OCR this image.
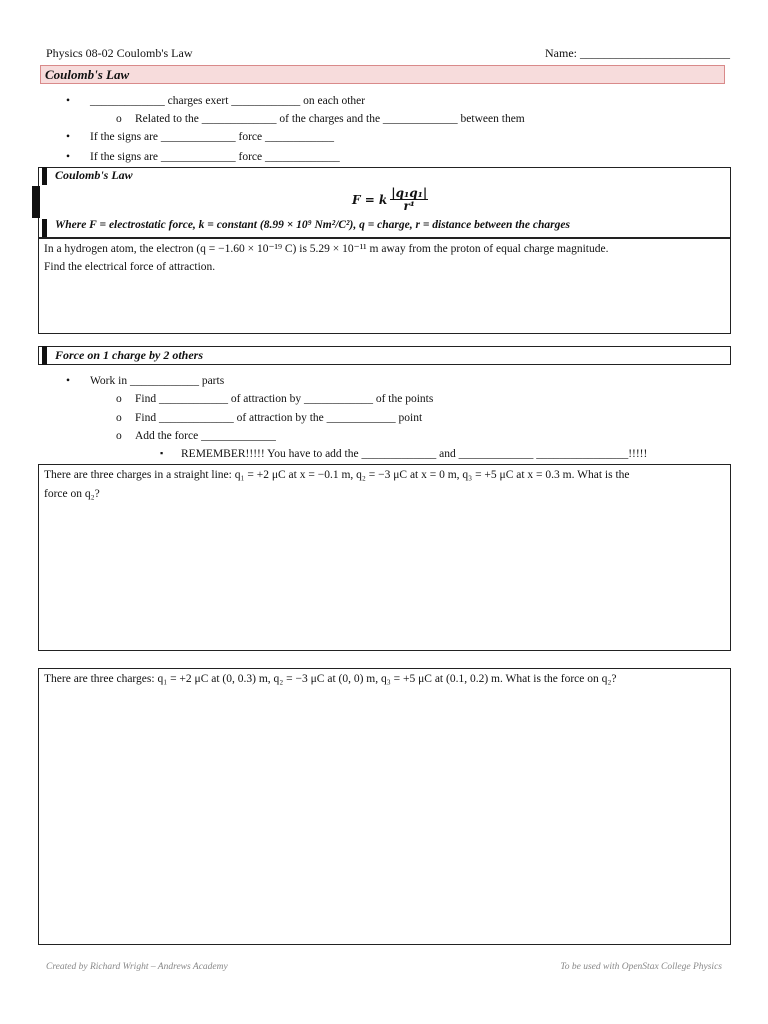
Physics 08-02 Coulomb's Law	Name: _________________________
Coulomb's Law
• _____________ charges exert ____________ on each other
o Related to the _____________ of the charges and the _____________ between them
• If the signs are _____________ force ____________
• If the signs are _____________ force _____________
Coulomb's Law
F = k $\frac{\text{|q₁q₁|}}{\text{r¹}}$
Where F = electrostatic force, k = constant (8.99 × 10⁹ Nm²/C²), q = charge, r = distance between the charges
In a hydrogen atom, the electron (q = −1.60 × 10⁻¹⁹ C) is 5.29 × 10⁻¹¹ m away from the proton of equal charge magnitude.
Find the electrical force of attraction.
Force on 1 charge by 2 others
• Work in ____________ parts
o Find ____________ of attraction by ____________ of the points
o Find _____________ of attraction by the ____________ point
o Add the force _____________
▪ REMEMBER!!!!! You have to add the _____________ and _____________ ________________!!!!!
There are three charges in a straight line: q₁ = +2 μC at x = −0.1 m, q₂ = −3 μC at x = 0 m, q₃ = +5 μC at x = 0.3 m. What is the
force on q₂?
There are three charges: q₁ = +2 μC at (0, 0.3) m, q₂ = −3 μC at (0, 0) m, q₃ = +5 μC at (0.1, 0.2) m. What is the force on q₂?
Created by Richard Wright – Andrews Academy	To be used with OpenStax College Physics
